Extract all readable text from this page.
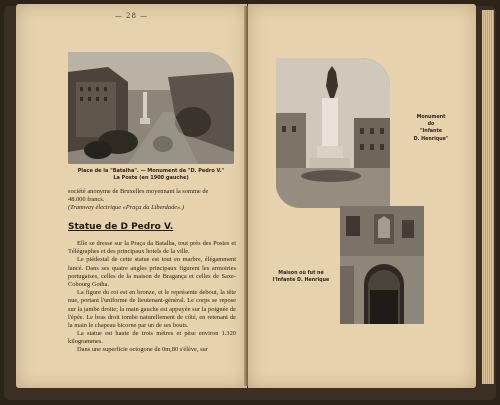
— 28 —
Place de la "Batalha". — Monument de "D. Pedro V."
La Poste (en 1900 gauche)

société anonyme de Bruxelles moyennant la somme de

48.000 francs.

(Tramway électrique «Praça da Liberdade».)

Statue de D Pedro V.

Elle se dresse sur la Praça da Batalha, tout près des Postes et Télégraphes et des principaux hotels de la ville.

Le piédestal de cette statue est tout en marbre, élégamment lancé. Dans ses quatre angles principaux figurent les armoiries portugaises, celles de la maison de Bragança et celles de Saxe-Cobourg Gotha.

La figure du roi est en bronze, et le représente debout, la tête nue, portant l'uniforme de lieutenant-général. Le corps se repose sur la jambe droite; la main gauche est appuyée sur la poignée de l'épée. Le bras droit tombe naturellement de côté, en retenant de la main le chapeau bicorne par un de ses bouts.

La statue est haute de trois mètres et pèse environ 1.320 kilogrammes.

Dans une superficie octogone de 0m,80 s'élève, sur

Monument
do
"Infante
D. Henrique"
Maison où fut né
l'Infante D. Henrique
